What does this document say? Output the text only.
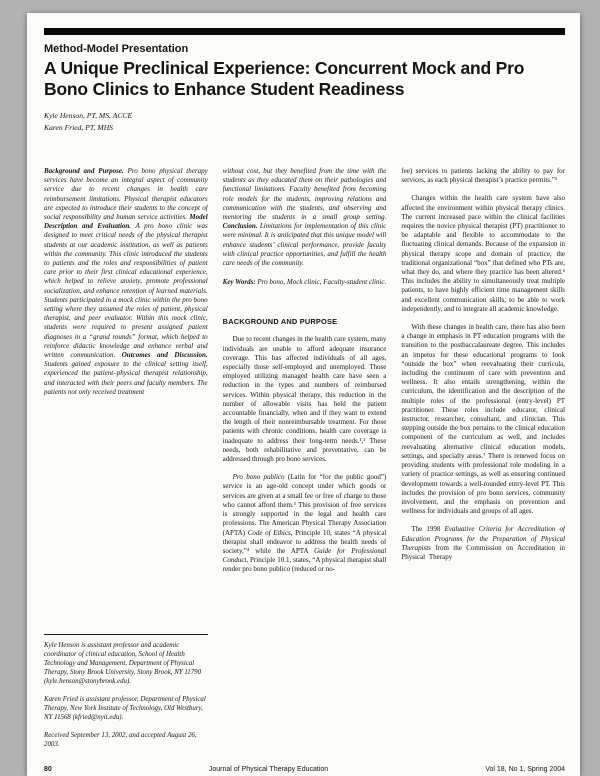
Method-Model Presentation
A Unique Preclinical Experience: Concurrent Mock and Pro Bono Clinics to Enhance Student Readiness
Kyle Henson, PT, MS, ACCE
Karen Fried, PT, MHS

Background and Purpose. Pro bono physical therapy services have become an integral aspect of community service due to recent changes in health care reimbursement limitations. Physical therapist educators are expected to introduce their students to the concept of social responsibility and human service activities. Model Description and Evaluation. A pro bono clinic was designed to meet critical needs of the physical therapist students at our academic institution, as well as patients within the community. This clinic introduced the students to patients and the roles and responsibilities of patient care prior to their first clinical educational experience, which helped to relieve anxiety, promote professional socialization, and enhance retention of learned materials. Students participated in a mock clinic within the pro bono setting where they assumed the roles of patient, physical therapist, and peer evaluator. Within this mock clinic, students were required to present assigned patient diagnoses in a “grand rounds” format, which helped to reinforce didactic knowledge and enhance verbal and written communication. Outcomes and Discussion. Students gained exposure to the clinical setting itself, experienced the patient–physical therapist relationship, and interacted with their peers and faculty members. The patients not only received treatment

Kyle Henson is assistant professor and academic coordinator of clinical education, School of Health Technology and Management, Department of Physical Therapy, Stony Brook University, Stony Brook, NY 11790 (kyle.henson@stonybrook.edu).

Karen Fried is assistant professor, Department of Physical Therapy, New York Institute of Technology, Old Westbury, NY 11568 (kfried@nyit.edu).

Received September 13, 2002, and accepted August 26, 2003.

without cost, but they benefited from the time with the students as they educated them on their pathologies and functional limitations. Faculty benefited from becoming role models for the students, improving relations and communication with the students, and observing and mentoring the students in a small group setting. Conclusion. Limitations for implementation of this clinic were minimal. It is anticipated that this unique model will enhance students’ clinical performance, provide faculty with clinical practice opportunities, and fulfill the health care needs of the community.

Key Words: Pro bono, Mock clinic, Faculty-student clinic.

BACKGROUND AND PURPOSE

Due to recent changes in the health care system, many individuals are unable to afford adequate insurance coverage. This has affected individuals of all ages, especially those self-employed and unemployed. Those employed utilizing managed health care have seen a reduction in the types and numbers of reimbursed services. Within physical therapy, this reduction in the number of allowable visits has held the patient accountable financially, when and if they want to extend the length of their nonreimbursable treatment. For those patients with chronic conditions, health care coverage is inadequate to address their long-term needs.¹,² These needs, both rehabilitative and preventative, can be addressed through pro bono services.

Pro bono publico (Latin for “for the public good”) service is an age-old concept under which goods or services are given at a small fee or free of charge to those who cannot afford them.³ This provision of free services is strongly supported in the legal and health care professions. The American Physical Therapy Association (APTA) Code of Ethics, Principle 10, states “A physical therapist shall endeavor to address the health needs of society,”⁴ while the APTA Guide for Professional Conduct, Principle 10.1, states, “A physical therapist shall render pro bono publico (reduced or no-

fee) services to patients lacking the ability to pay for services, as each physical therapist’s practice permits.”⁵

Changes within the health care system have also affected the environment within physical therapy clinics. The current increased pace within the clinical facilities requires the novice physical therapist (PT) practitioner to be adaptable and flexible to accommodate to the fluctuating clinical demands. Because of the expansion in physical therapy scope and domain of practice, the traditional organizational “box” that defined who PTs are, what they do, and where they practice has been altered.⁶ This includes the ability to simultaneously treat multiple patients, to have highly efficient time management skills and excellent communication skills, to be able to work independently, and to integrate all academic knowledge.

With these changes in health care, there has also been a change in emphasis in PT education programs with the transition to the postbaccalaureate degree. This includes an impetus for these educational programs to look “outside the box” when reevaluating their curricula, including the continuum of care with prevention and wellness. It also entails strengthening, within the curriculum, the identification and the description of the multiple roles of the professional (entry-level) PT practitioner. These roles include educator, clinical instructor, researcher, consultant, and clinician. This stepping outside the box pertains to the clinical education component of the curriculum as well, and includes reevaluating alternative clinical education models, settings, and specialty areas.⁷ There is renewed focus on providing students with professional role modeling in a variety of practice settings, as well as ensuring continued development towards a well-rounded entry-level PT. This includes the provision of pro bono services, community involvement, and the emphasis on prevention and wellness for individuals and groups of all ages.

The 1998 Evaluative Criteria for Accreditation of Education Programs for the Preparation of Physical Therapists from the Commission on Accreditation in Physical Therapy

80	Journal of Physical Therapy Education	Vol 18, No 1, Spring 2004
